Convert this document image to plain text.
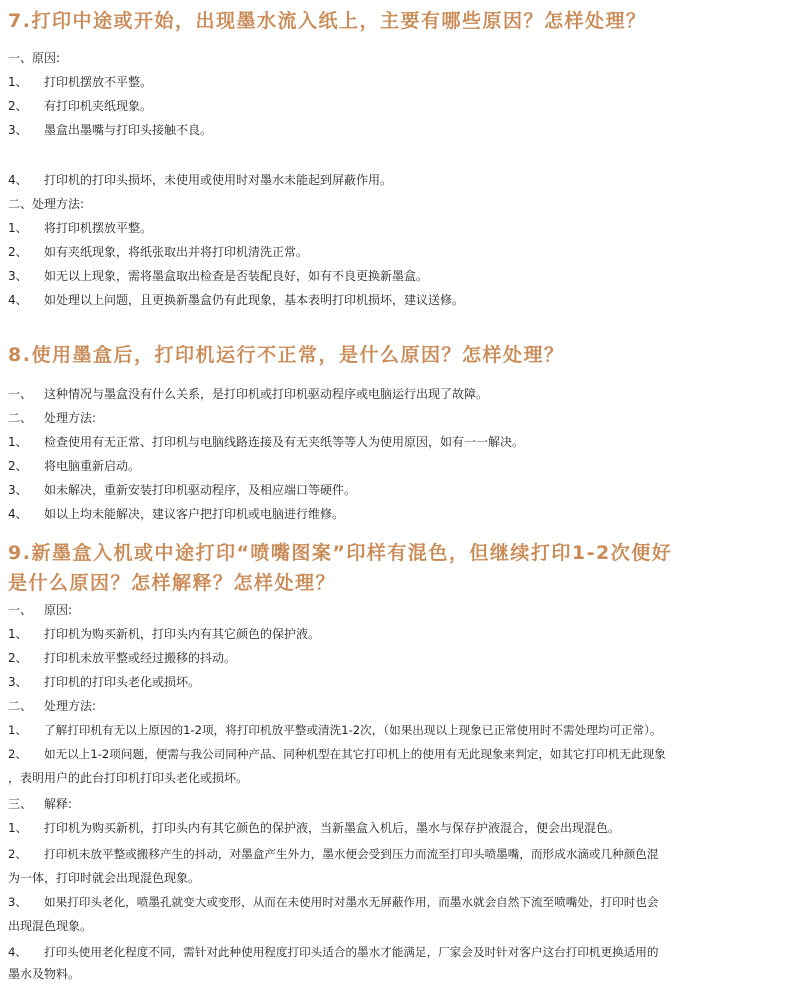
7.打印中途或开始，出现墨水流入纸上，主要有哪些原因？怎样处理？
一、原因:
1、 打印机摆放不平整。
2、 有打印机夹纸现象。
3、 墨盒出墨嘴与打印头接触不良。
4、 打印机的打印头损坏，未使用或使用时对墨水未能起到屏蔽作用。
二、处理方法:
1、 将打印机摆放平整。
2、 如有夹纸现象，将纸张取出并将打印机清洗正常。
3、 如无以上现象，需将墨盒取出检查是否装配良好，如有不良更换新墨盒。
4、 如处理以上问题，且更换新墨盒仍有此现象，基本表明打印机损坏，建议送修。
8.使用墨盒后，打印机运行不正常，是什么原因？怎样处理？
一、 这种情况与墨盒没有什么关系，是打印机或打印机驱动程序或电脑运行出现了故障。
二、 处理方法:
1、 检查使用有无正常、打印机与电脑线路连接及有无夹纸等等人为使用原因，如有一一解决。
2、 将电脑重新启动。
3、 如未解决，重新安装打印机驱动程序，及相应端口等硬件。
4、 如以上均未能解决，建议客户把打印机或电脑进行维修。
9.新墨盒入机或中途打印“喷嘴图案”印样有混色，但继续打印1-2次便好
是什么原因？怎样解释？怎样处理？
一、 原因:
1、 打印机为购买新机，打印头内有其它颜色的保护液。
2、 打印机未放平整或经过搬移的抖动。
3、 打印机的打印头老化或损坏。
二、 处理方法:
1、 了解打印机有无以上原因的1-2项，将打印机放平整或清洗1-2次，（如果出现以上现象已正常使用时不需处理均可正常）。
2、 如无以上1-2项问题，便需与我公司同种产品、同种机型在其它打印机上的使用有无此现象来判定，如其它打印机无此现象
，表明用户的此台打印机打印头老化或损坏。
三、 解释:
1、 打印机为购买新机，打印头内有其它颜色的保护液，当新墨盒入机后，墨水与保存护液混合，便会出现混色。
2、 打印机未放平整或搬移产生的抖动，对墨盒产生外力，墨水便会受到压力而流至打印头喷墨嘴，而形成水滴或几种颜色混
为一体，打印时就会出现混色现象。
3、 如果打印头老化，喷墨孔就变大或变形，从而在未使用时对墨水无屏蔽作用，而墨水就会自然下流至喷嘴处，打印时也会
出现混色现象。
4、 打印头使用老化程度不同，需针对此种使用程度打印头适合的墨水才能满足，厂家会及时针对客户这台打印机更换适用的
墨水及物料。
